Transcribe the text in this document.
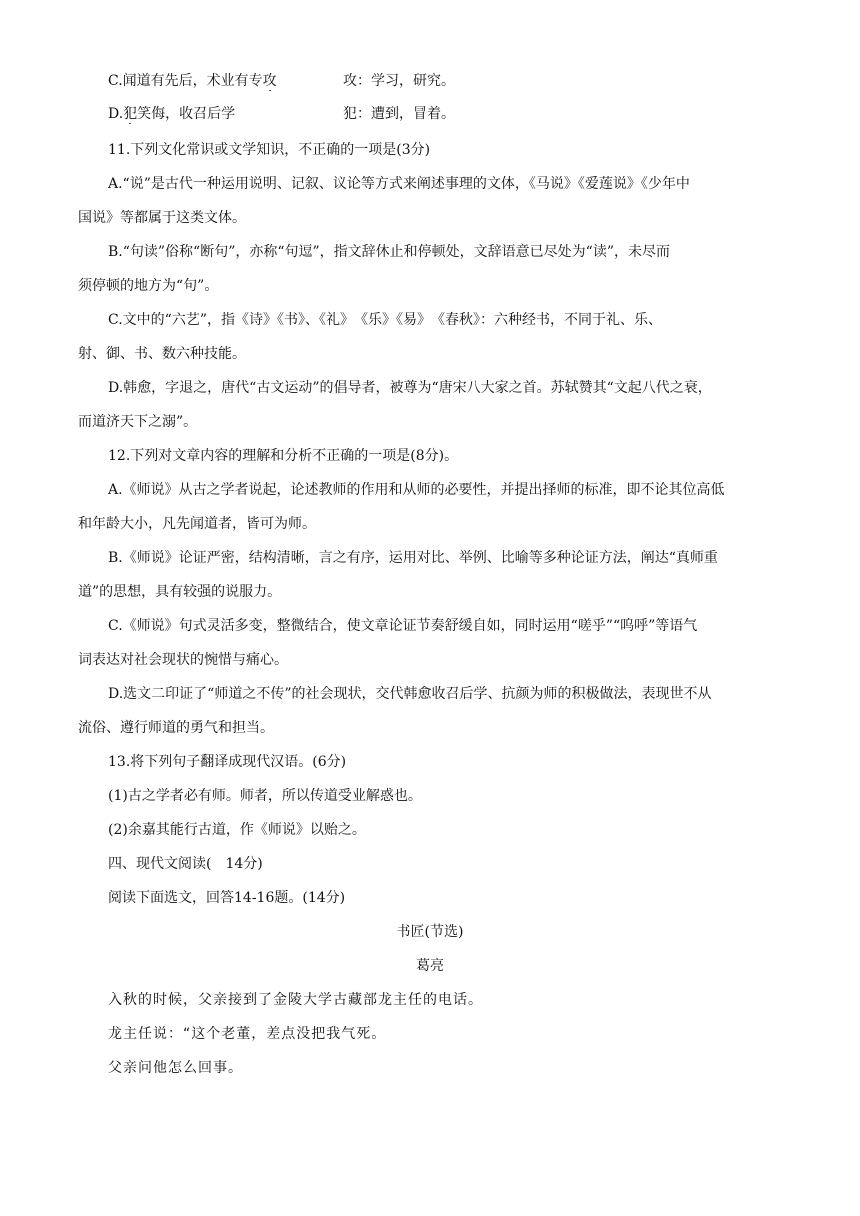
C.闻道有先后，术业有专攻	攻：学习，研究。
D.犯笑侮，收召后学	犯：遭到，冒着。
11.下列文化常识或文学知识，不正确的一项是(3分)
A.“说”是古代一种运用说明、记叙、议论等方式来阐述事理的文体，《马说》《爱莲说》《少年中
国说》等都属于这类文体。
B.“句读”俗称“断句”，亦称“句逗”，指文辞休止和停顿处，文辞语意已尽处为“读”，未尽而
须停顿的地方为“句”。
C.文中的“六艺”，指《诗》《书》、《礼》　《乐》《易》　《春秋》：六种经书，不同于礼、乐、
射、御、书、数六种技能。
D.韩愈，字退之，唐代“古文运动”的倡导者，被尊为“唐宋八大家之首。苏轼赞其“文起八代之衰，
而道济天下之溺”。
12.下列对文章内容的理解和分析不正确的一项是(8分)。
A.《师说》从古之学者说起，论述教师的作用和从师的必要性，并提出择师的标准，即不论其位高低
和年龄大小，凡先闻道者，皆可为师。
B.《师说》论证严密，结构清晰，言之有序，运用对比、举例、比喻等多种论证方法，阐达“真师重
道”的思想，具有较强的说服力。
C.《师说》句式灵活多变，整微结合，使文章论证节奏舒缓自如，同时运用“嗟乎”“呜呼”等语气
词表达对社会现状的惋惜与痛心。
D.选文二印证了“师道之不传”的社会现状，交代韩愈收召后学、抗颜为师的积极做法，表现世不从
流俗、遵行师道的勇气和担当。
13.将下列句子翻译成现代汉语。(6分)
(1)古之学者必有师。师者，所以传道受业解惑也。
(2)余嘉其能行古道，作《师说》以贻之。
四、现代文阅读(　14分)
阅读下面选文，回答14-16题。(14分)
书匠(节选)
葛亮
入秋的时候，父亲接到了金陵大学古藏部龙主任的电话。
龙主任说：“这个老董，差点没把我气死。
父亲问他怎么回事。
